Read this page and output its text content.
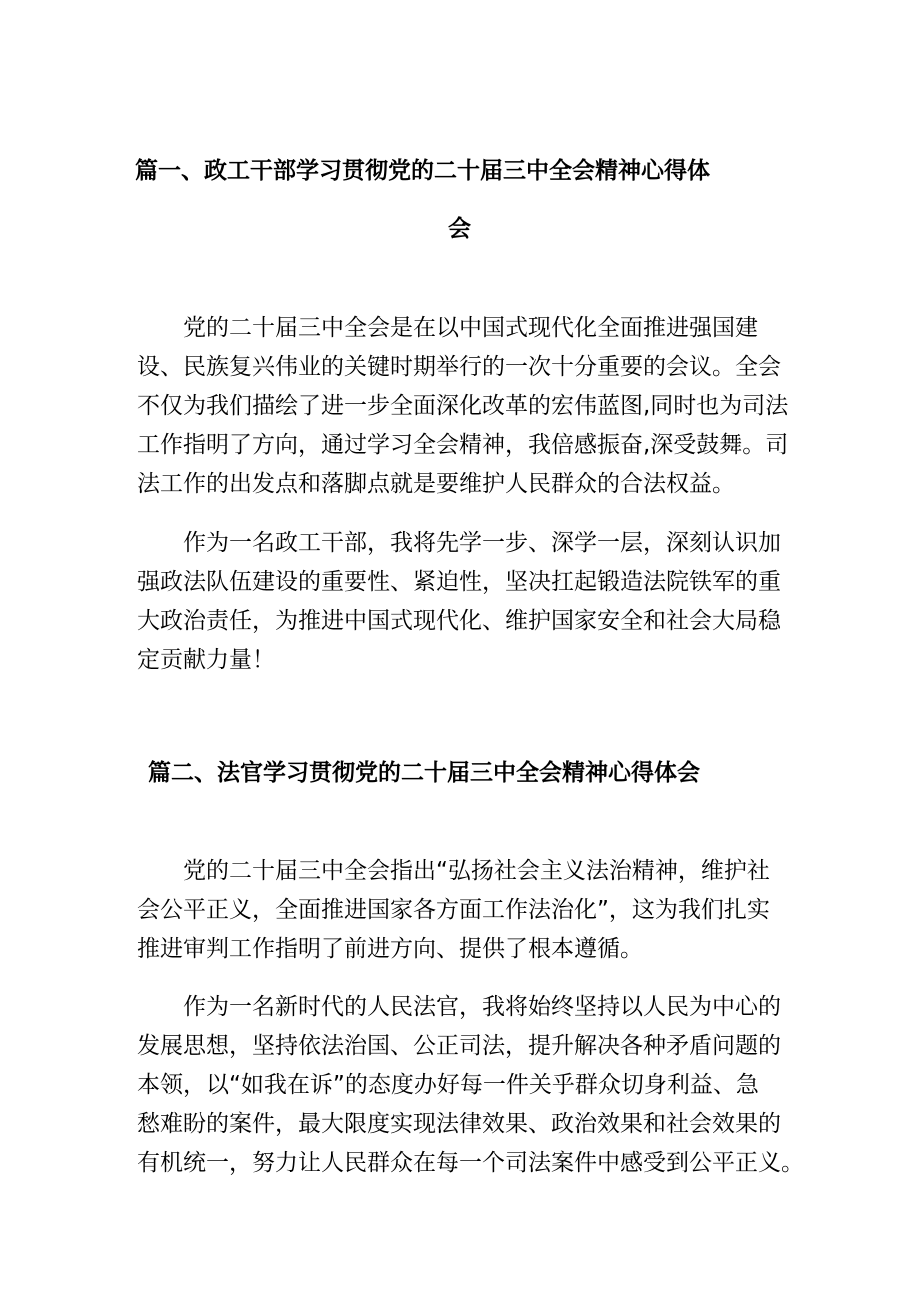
篇一、政工干部学习贯彻党的二十届三中全会精神心得体
会
党的二十届三中全会是在以中国式现代化全面推进强国建
设、民族复兴伟业的关键时期举行的一次十分重要的会议。全会
不仅为我们描绘了进一步全面深化改革的宏伟蓝图,同时也为司法
工作指明了方向，通过学习全会精神，我倍感振奋,深受鼓舞。司
法工作的出发点和落脚点就是要维护人民群众的合法权益。
作为一名政工干部，我将先学一步、深学一层，深刻认识加
强政法队伍建设的重要性、紧迫性，坚决扛起锻造法院铁军的重
大政治责任，为推进中国式现代化、维护国家安全和社会大局稳
定贡献力量！
篇二、法官学习贯彻党的二十届三中全会精神心得体会
党的二十届三中全会指出“弘扬社会主义法治精神，维护社
会公平正义，全面推进国家各方面工作法治化”，这为我们扎实
推进审判工作指明了前进方向、提供了根本遵循。
作为一名新时代的人民法官，我将始终坚持以人民为中心的
发展思想，坚持依法治国、公正司法，提升解决各种矛盾问题的
本领，以“如我在诉”的态度办好每一件关乎群众切身利益、急
愁难盼的案件，最大限度实现法律效果、政治效果和社会效果的
有机统一，努力让人民群众在每一个司法案件中感受到公平正义。
